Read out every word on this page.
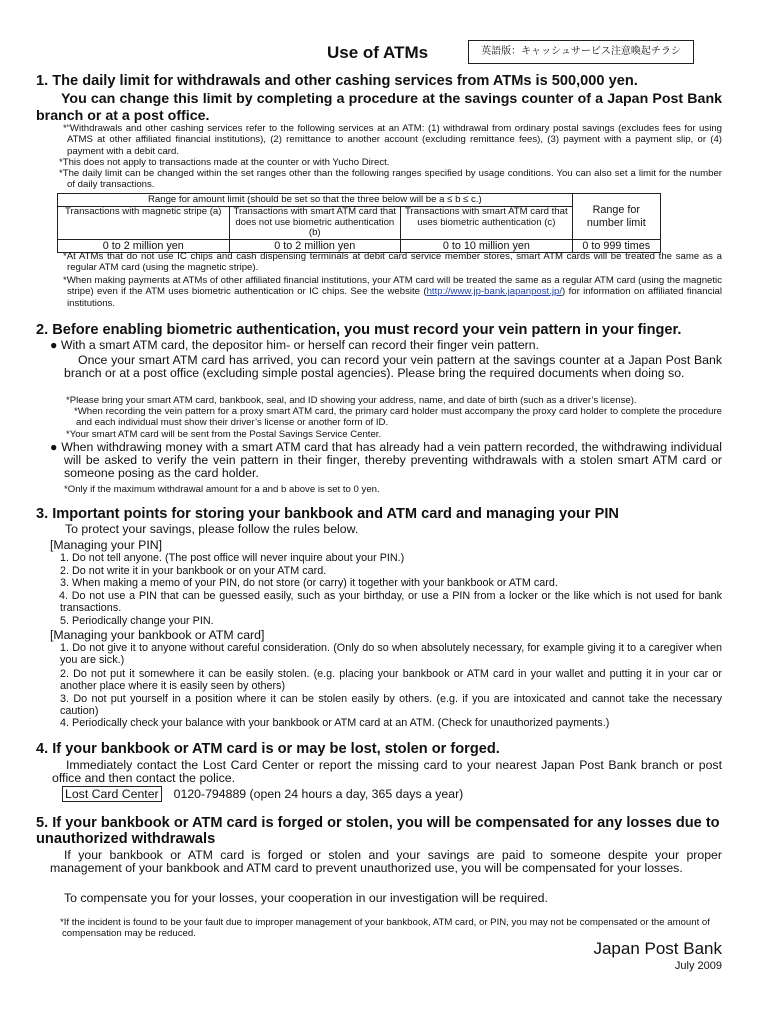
Use of ATMs	英語版：キャッシュサービス注意喚起チラシ
1. The daily limit for withdrawals and other cashing services from ATMs is 500,000 yen.
You can change this limit by completing a procedure at the savings counter of a Japan Post Bank branch or at a post office.
*“Withdrawals and other cashing services refer to the following services at an ATM: (1) withdrawal from ordinary postal savings (excludes fees for using ATMS at other affiliated financial institutions), (2) remittance to another account (excluding remittance fees), (3) payment with a payment slip, or (4) payment with a debit card.
*This does not apply to transactions made at the counter or with Yucho Direct.
*The daily limit can be changed within the set ranges other than the following ranges specified by usage conditions. You can also set a limit for the number of daily transactions.
Range for amount limit (should be set so that the three below will be a ≤ b ≤ c.)			Range for number limit
Transactions with magnetic stripe (a)	Transactions with smart ATM card that does not use biometric authentication (b)	Transactions with smart ATM card that uses biometric authentication (c)	
0 to 2 million yen	0 to 2 million yen	0 to 10 million yen	0 to 999 times
*At ATMs that do not use IC chips and cash dispensing terminals at debit card service member stores, smart ATM cards will be treated the same as a regular ATM card (using the magnetic stripe).
*When making payments at ATMs of other affiliated financial institutions, your ATM card will be treated the same as a regular ATM card (using the magnetic stripe) even if the ATM uses biometric authentication or IC chips. See the website (http://www.jp-bank.japanpost.jp/) for information on affiliated financial institutions.
2. Before enabling biometric authentication, you must record your vein pattern in your finger.
● With a smart ATM card, the depositor him- or herself can record their finger vein pattern.
Once your smart ATM card has arrived, you can record your vein pattern at the savings counter at a Japan Post Bank branch or at a post office (excluding simple postal agencies). Please bring the required documents when doing so.
*Please bring your smart ATM card, bankbook, seal, and ID showing your address, name, and date of birth (such as a driver’s license).
*When recording the vein pattern for a proxy smart ATM card, the primary card holder must accompany the proxy card holder to complete the procedure and each individual must show their driver’s license or another form of ID.
*Your smart ATM card will be sent from the Postal Savings Service Center.
● When withdrawing money with a smart ATM card that has already had a vein pattern recorded, the withdrawing individual will be asked to verify the vein pattern in their finger, thereby preventing withdrawals with a stolen smart ATM card or someone posing as the card holder.
*Only if the maximum withdrawal amount for a and b above is set to 0 yen.
3. Important points for storing your bankbook and ATM card and managing your PIN
To protect your savings, please follow the rules below.
[Managing your PIN]
1. Do not tell anyone. (The post office will never inquire about your PIN.)
2. Do not write it in your bankbook or on your ATM card.
3. When making a memo of your PIN, do not store (or carry) it together with your bankbook or ATM card.
4. Do not use a PIN that can be guessed easily, such as your birthday, or use a PIN from a locker or the like which is not used for bank transactions.
5. Periodically change your PIN.
[Managing your bankbook or ATM card]
1. Do not give it to anyone without careful consideration. (Only do so when absolutely necessary, for example giving it to a caregiver when you are sick.)
2. Do not put it somewhere it can be easily stolen. (e.g. placing your bankbook or ATM card in your wallet and putting it in your car or another place where it is easily seen by others)
3. Do not put yourself in a position where it can be stolen easily by others. (e.g. if you are intoxicated and cannot take the necessary caution)
4. Periodically check your balance with your bankbook or ATM card at an ATM. (Check for unauthorized payments.)
4. If your bankbook or ATM card is or may be lost, stolen or forged.
Immediately contact the Lost Card Center or report the missing card to your nearest Japan Post Bank branch or post office and then contact the police.
Lost Card Center 0120-794889 (open 24 hours a day, 365 days a year)
5. If your bankbook or ATM card is forged or stolen, you will be compensated for any losses due to unauthorized withdrawals
If your bankbook or ATM card is forged or stolen and your savings are paid to someone despite your proper management of your bankbook and ATM card to prevent unauthorized use, you will be compensated for your losses.
To compensate you for your losses, your cooperation in our investigation will be required.
*If the incident is found to be your fault due to improper management of your bankbook, ATM card, or PIN, you may not be compensated or the amount of compensation may be reduced.
Japan Post Bank
July 2009
